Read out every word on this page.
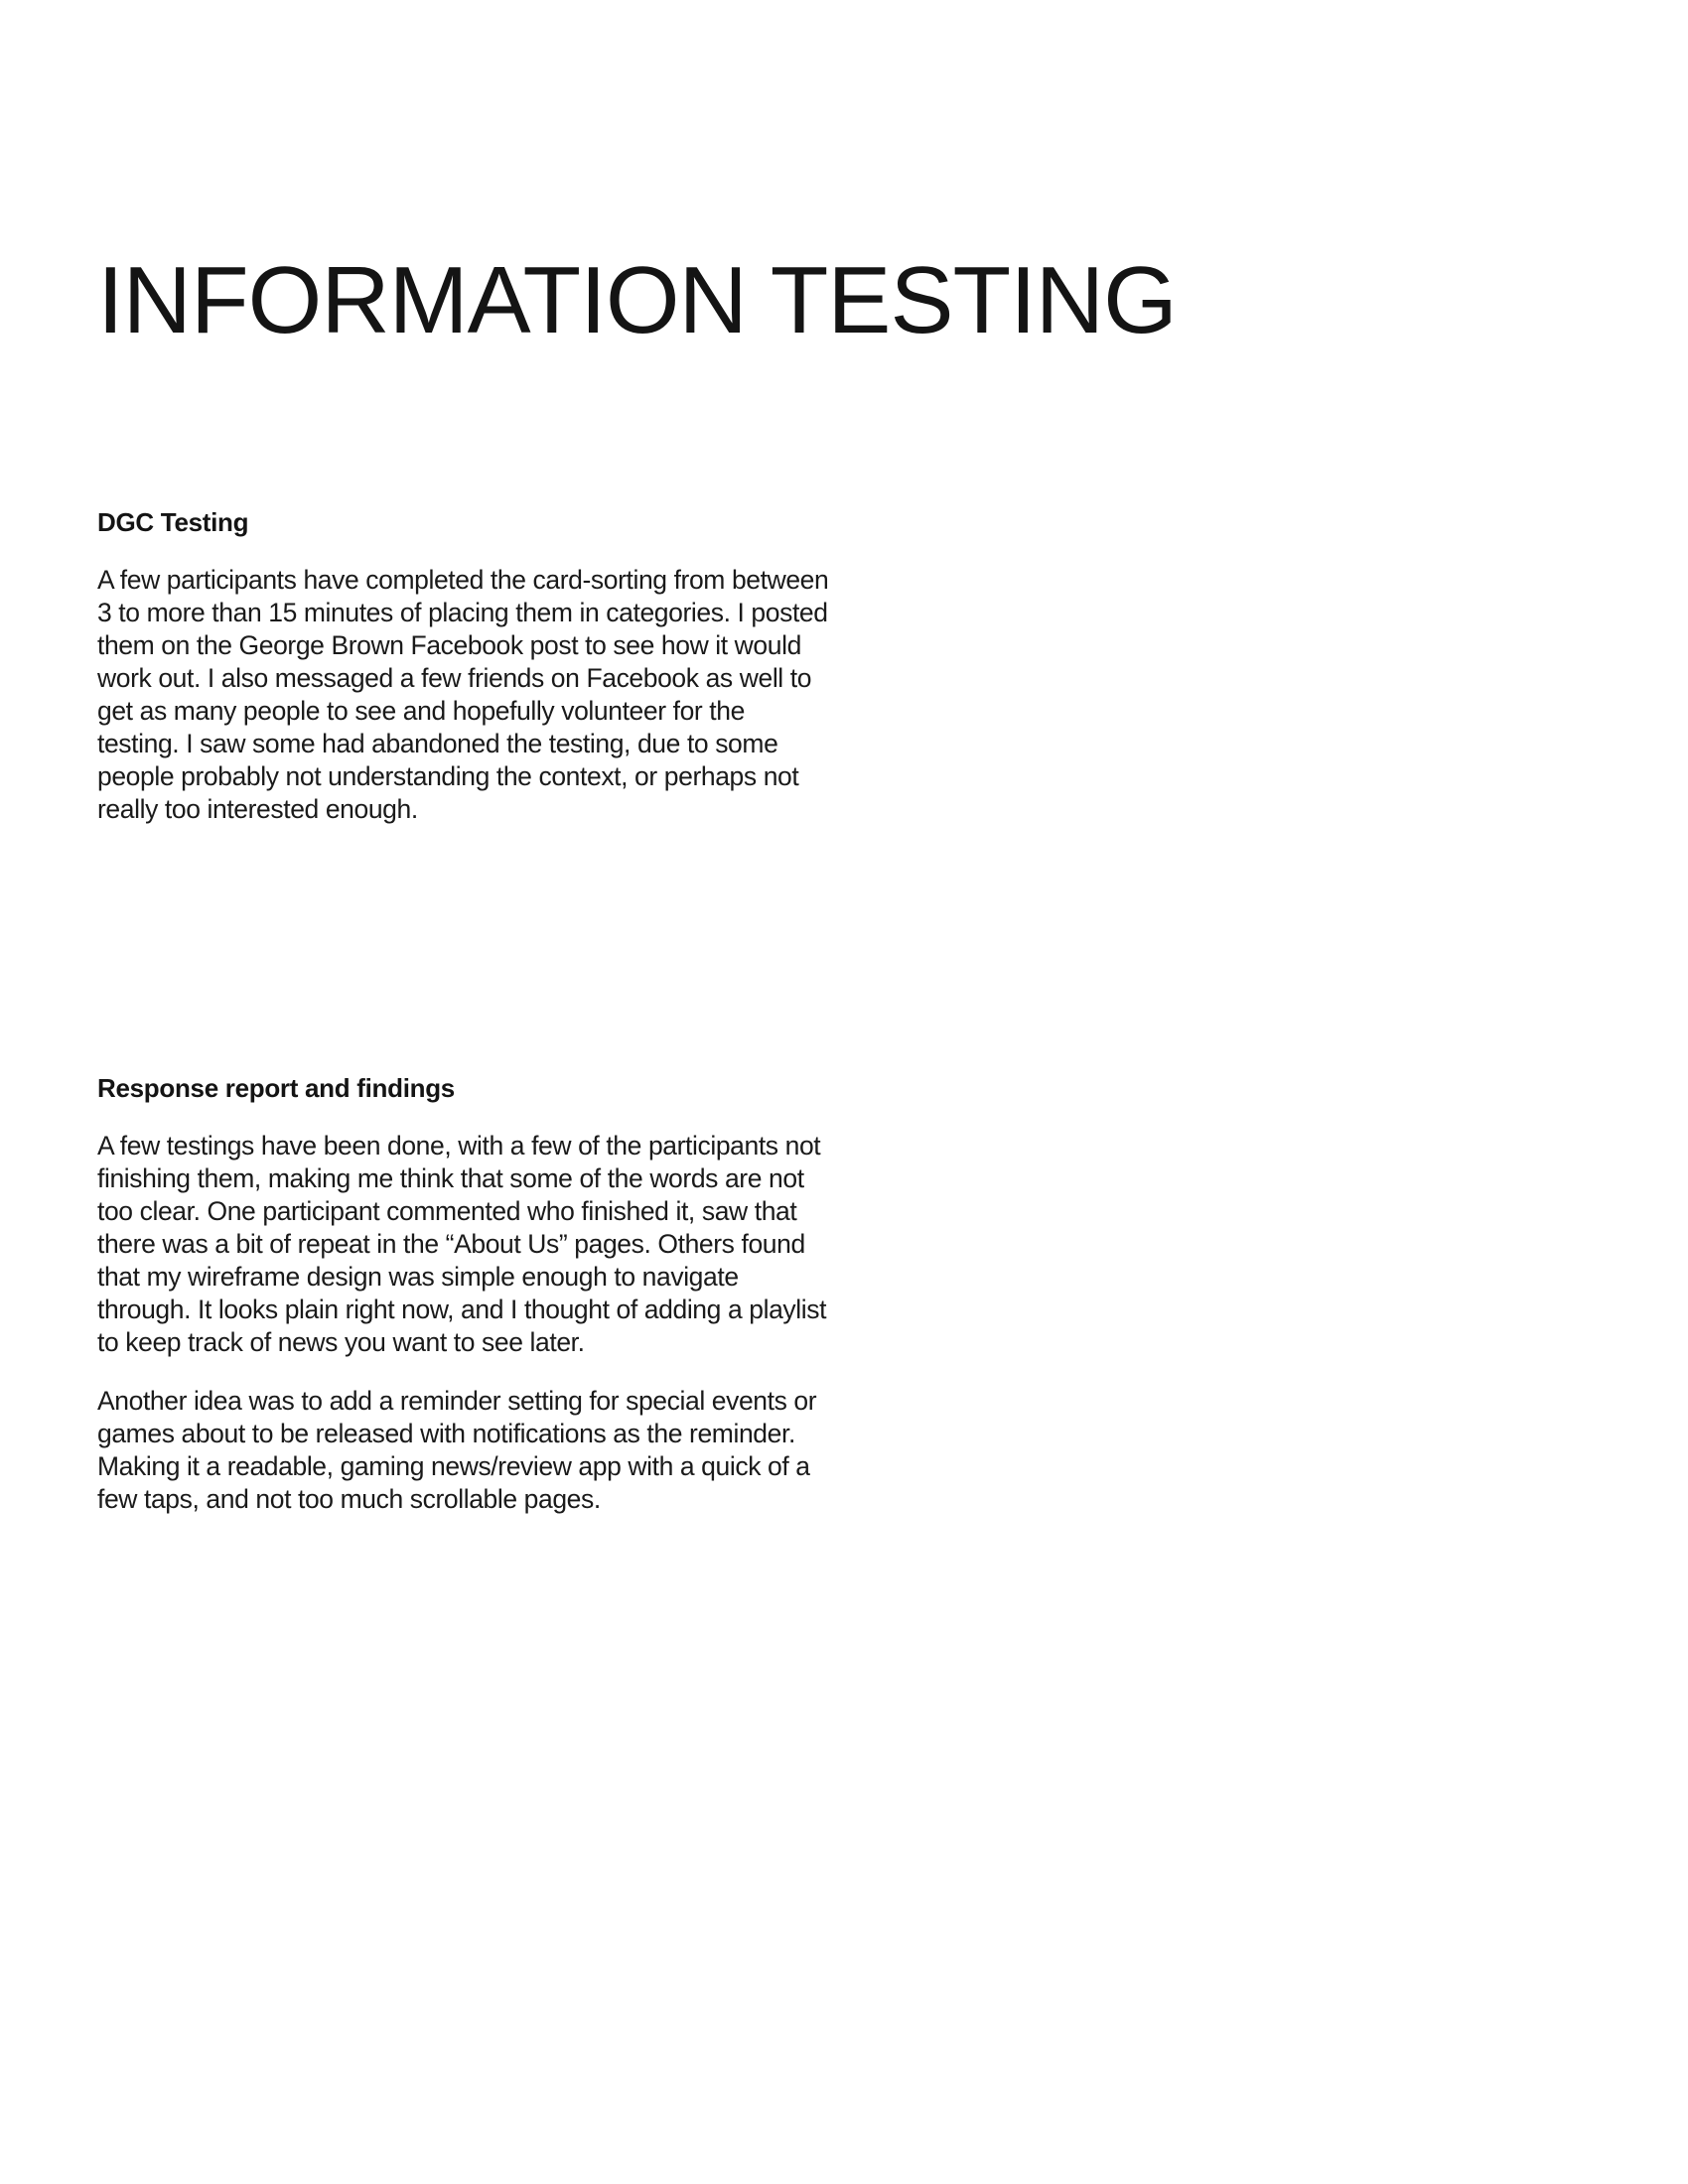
INFORMATION TESTING
DGC Testing

A few participants have completed the card-sorting from between 3 to more than 15 minutes of placing them in categories. I posted them on the George Brown Facebook post to see how it would work out. I also messaged a few friends on Facebook as well to get as many people to see and hopefully volunteer for the testing. I saw some had abandoned the testing, due to some people probably not understanding the context, or perhaps not really too interested enough.

Response report and findings

A few testings have been done, with a few of the participants not finishing them, making me think that some of the words are not too clear. One participant commented who finished it, saw that there was a bit of repeat in the “About Us” pages. Others found that my wireframe design was simple enough to navigate through. It looks plain right now, and I thought of adding a playlist to keep track of news you want to see later.

Another idea was to add a reminder setting for special events or games about to be released with notifications as the reminder. Making it a readable, gaming news/review app with a quick of a few taps, and not too much scrollable pages.
